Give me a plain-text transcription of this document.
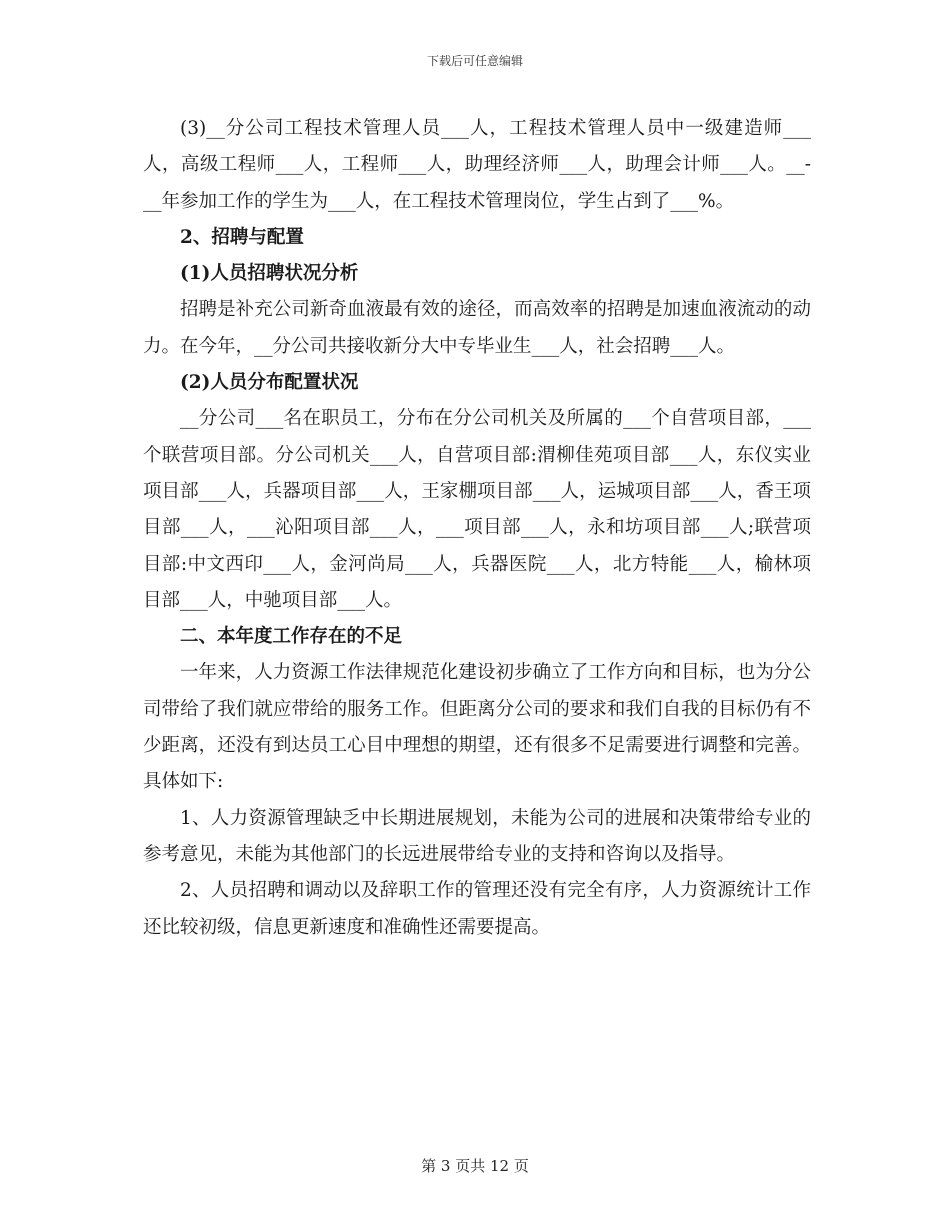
下载后可任意编辑

(3)__分公司工程技术管理人员___人，工程技术管理人员中一级建造师___人，高级工程师___人，工程师___人，助理经济师___人，助理会计师___人。__-__年参加工作的学生为___人，在工程技术管理岗位，学生占到了___%。

2、招聘与配置

(1)人员招聘状况分析

招聘是补充公司新奇血液最有效的途径，而高效率的招聘是加速血液流动的动力。在今年，__分公司共接收新分大中专毕业生___人，社会招聘___人。

(2)人员分布配置状况

__分公司___名在职员工，分布在分公司机关及所属的___个自营项目部，___个联营项目部。分公司机关___人，自营项目部:渭柳佳苑项目部___人，东仪实业项目部___人，兵器项目部___人，王家棚项目部___人，运城项目部___人，香王项目部___人，___沁阳项目部___人，___项目部___人，永和坊项目部___人;联营项目部:中文西印___人，金河尚局___人，兵器医院___人，北方特能___人，榆林项目部___人，中驰项目部___人。

二、本年度工作存在的不足

一年来，人力资源工作法律规范化建设初步确立了工作方向和目标，也为分公司带给了我们就应带给的服务工作。但距离分公司的要求和我们自我的目标仍有不少距离，还没有到达员工心目中理想的期望，还有很多不足需要进行调整和完善。具体如下:

1、人力资源管理缺乏中长期进展规划，未能为公司的进展和决策带给专业的参考意见，未能为其他部门的长远进展带给专业的支持和咨询以及指导。

2、人员招聘和调动以及辞职工作的管理还没有完全有序，人力资源统计工作还比较初级，信息更新速度和准确性还需要提高。

第 3 页共 12 页
